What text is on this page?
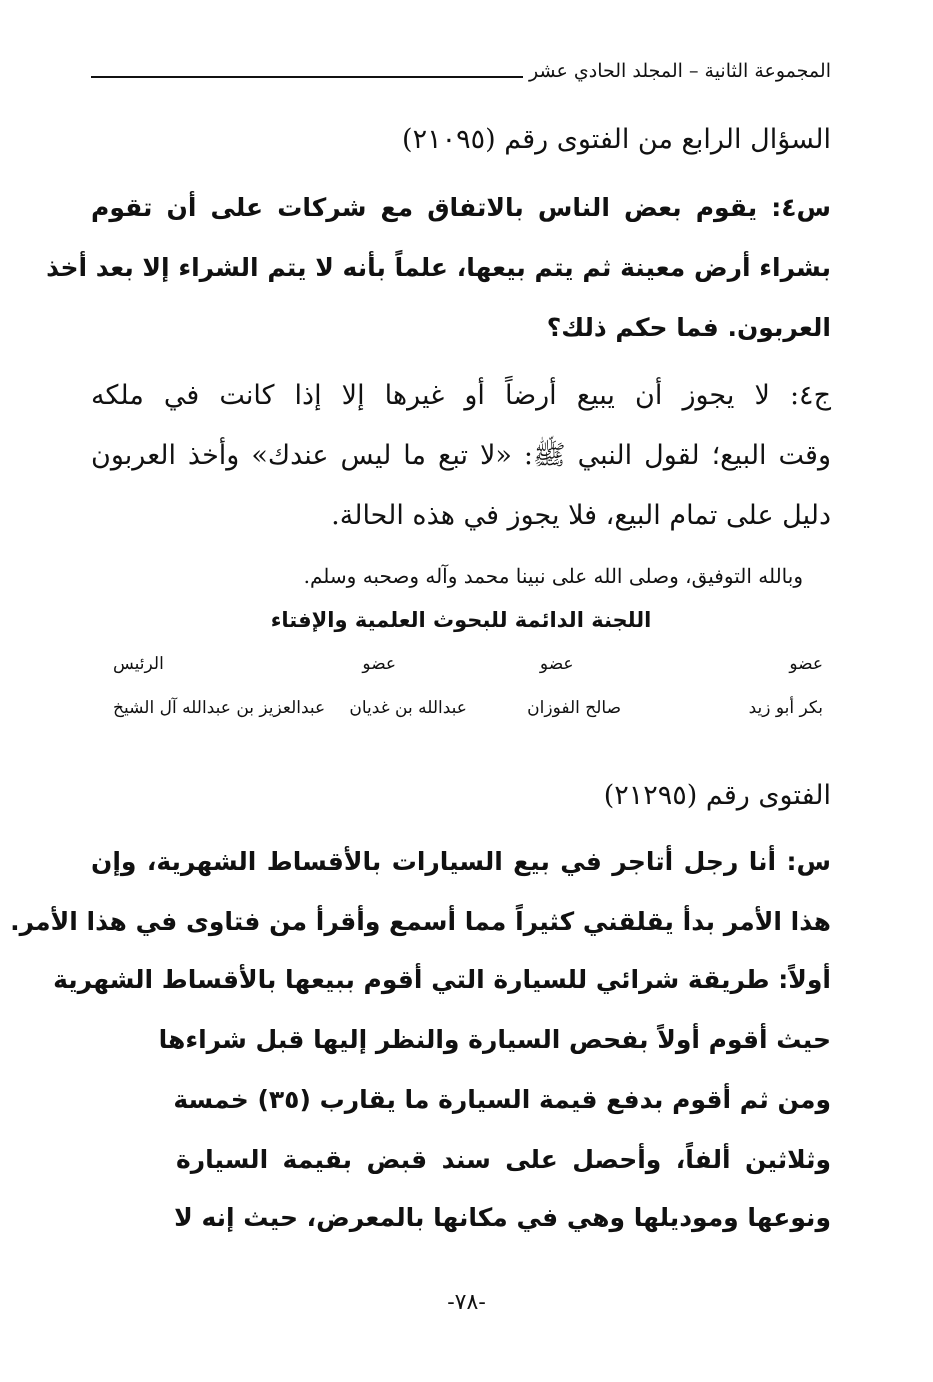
المجموعة الثانية – المجلد الحادي عشر
السؤال الرابع من الفتوى رقم (٢١٠٩٥)
س٤: يقوم بعض الناس بالاتفاق مع شركات على أن تقوم
بشراء أرض معينة ثم يتم بيعها، علماً بأنه لا يتم الشراء إلا بعد أخذ
العربون. فما حكم ذلك؟
ج٤: لا يجوز أن يبيع أرضاً أو غيرها إلا إذا كانت في ملكه
وقت البيع؛ لقول النبي ﷺ: «لا تبع ما ليس عندك» وأخذ العربون
دليل على تمام البيع، فلا يجوز في هذه الحالة.
وبالله التوفيق، وصلى الله على نبينا محمد وآله وصحبه وسلم.
اللجنة الدائمة للبحوث العلمية والإفتاء
عضو
عضو
عضو
الرئيس
بكر أبو زيد
صالح الفوزان
عبدالله بن غديان
عبدالعزيز بن عبدالله آل الشيخ
الفتوى رقم (٢١٢٩٥)
س: أنا رجل أتاجر في بيع السيارات بالأقساط الشهرية، وإن
هذا الأمر بدأ يقلقني كثيراً مما أسمع وأقرأ من فتاوى في هذا الأمر.
أولاً: طريقة شرائي للسيارة التي أقوم ببيعها بالأقساط الشهرية
حيث أقوم أولاً بفحص السيارة والنظر إليها قبل شراءها
ومن ثم أقوم بدفع قيمة السيارة ما يقارب (٣٥) خمسة
وثلاثين ألفاً، وأحصل على سند قبض بقيمة السيارة
ونوعها وموديلها وهي في مكانها بالمعرض، حيث إنه لا
-٧٨-
